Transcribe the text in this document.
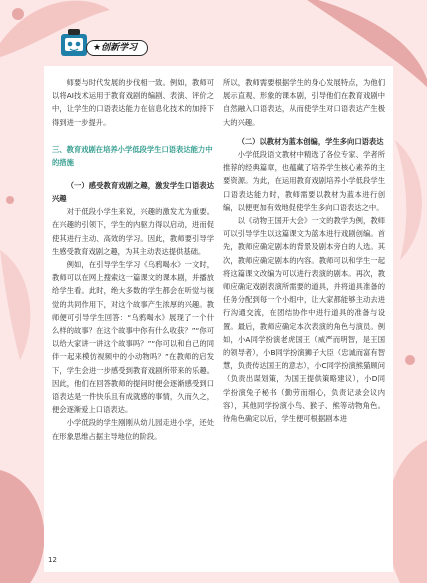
★创新学习

师要与时代发展的步伐相一致。例如，教师可以将AI技术运用于教育戏剧的编剧、表演、评价之中，让学生的口语表达能力在信息化技术的加持下得到进一步提升。

三、教育戏剧在培养小学低段学生口语表达能力中的措施

（一）感受教育戏剧之趣，激发学生口语表达兴趣

对于低段小学生来说，兴趣的激发尤为重要。在兴趣的引领下，学生的内驱力得以启动，进而促使其进行主动、高效的学习。因此，教师要引导学生感受教育戏剧之趣，为其主动表达提供基础。

例如，在引导学生学习《乌鸦喝水》一文时，教师可以在网上搜索这一篇课文的课本剧，并播放给学生看。此时，绝大多数的学生都会在听觉与视觉的共同作用下，对这个故事产生浓厚的兴趣。教师便可引导学生回答：“乌鸦喝水》展现了一个什么样的故事？在这个故事中你有什么收获？”“你可以给大家讲一讲这个故事吗？”“你可以和自己的同伴一起来模仿视频中的小动物吗？”在教师的启发下，学生会进一步感受到教育戏剧所带来的乐趣。因此，他们在回答教师的提问时便会逐渐感受到口语表达是一件快乐且有成就感的事情，久而久之，便会逐渐爱上口语表达。

小学低段的学生刚刚从幼儿园走进小学，还处在形象思维占据主导地位的阶段。

所以，教师需要根据学生的身心发展特点，为他们展示直观、形象的课本剧，引导他们在教育戏剧中自然融入口语表达，从而使学生对口语表达产生极大的兴趣。

（二）以教材为蓝本创编，学生多向口语表达

小学低段语文教材中精选了各位专家、学者所推荐的经典篇章，也蕴藏了培养学生核心素养的主要资源。为此，在运用教育戏剧培养小学低段学生口语表达能力时，教师需要以教材为蓝本进行创编，以便更加有效地促使学生多向口语表达之中。

以《动物王国开大会》一文的教学为例，教师可以引导学生以这篇课文为蓝本进行戏剧创编。首先，教师应确定剧本的背景及剧本旁白的人选。其次，教师应确定剧本的内容。教师可以和学生一起将这篇课文改编为可以进行表演的剧本。再次，教师应确定戏剧表演所需要的道具，并将道具准备的任务分配到每一个小组中，让大家都能够主动去进行沟通交流，在团结协作中进行道具的准备与设置。最后，教师应确定本次表演的角色与演员。例如，小A同学扮演老虎国王（威严而明智，是王国的领导者），小B同学扮演狮子大臣（忠诚而富有智慧，负责传达国王的意志），小C同学扮演熊猫顾问（负责出谋划策，为国王提供策略建议），小D同学扮演兔子秘书（勤劳而细心，负责记录会议内容），其他同学扮演小鸟、猴子、熊等动物角色。待角色确定以后，学生便可根据剧本进

12
